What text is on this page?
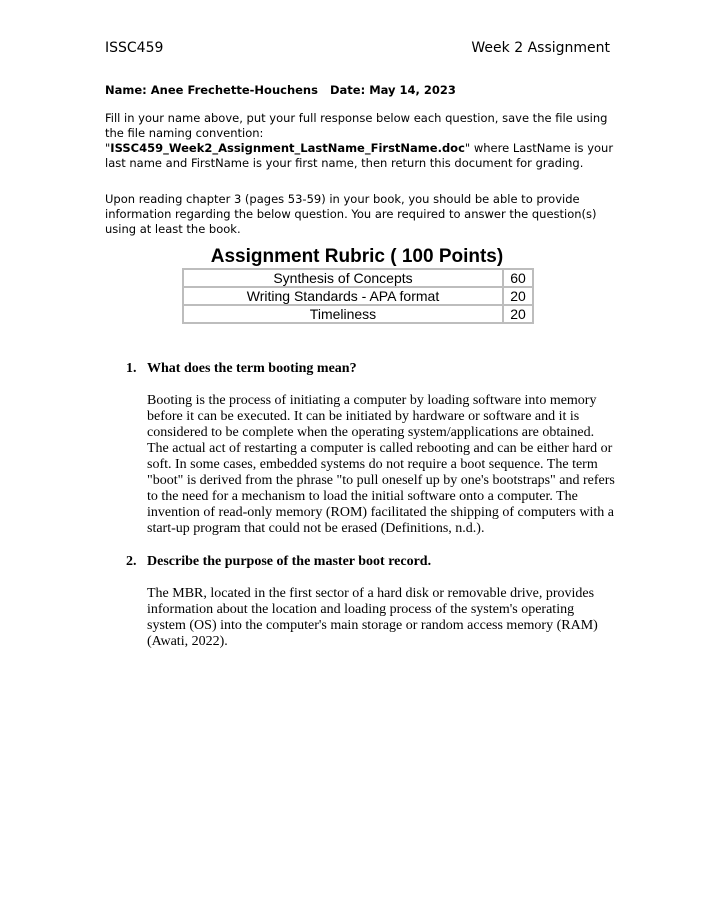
ISSC459	Week 2 Assignment
Name: Anee Frechette-Houchens Date: May 14, 2023
Fill in your name above, put your full response below each question, save the file using the file naming convention: "ISSC459_Week2_Assignment_LastName_FirstName.doc" where LastName is your last name and FirstName is your first name, then return this document for grading.
Upon reading chapter 3 (pages 53-59) in your book, you should be able to provide information regarding the below question. You are required to answer the question(s) using at least the book.
Assignment Rubric ( 100 Points)
Synthesis of Concepts	60
Writing Standards - APA format	20
Timeliness	20
1. What does the term booting mean?
Booting is the process of initiating a computer by loading software into memory before it can be executed. It can be initiated by hardware or software and it is considered to be complete when the operating system/applications are obtained. The actual act of restarting a computer is called rebooting and can be either hard or soft. In some cases, embedded systems do not require a boot sequence. The term "boot" is derived from the phrase "to pull oneself up by one's bootstraps" and refers to the need for a mechanism to load the initial software onto a computer. The invention of read-only memory (ROM) facilitated the shipping of computers with a start-up program that could not be erased (Definitions, n.d.).
2. Describe the purpose of the master boot record.
The MBR, located in the first sector of a hard disk or removable drive, provides information about the location and loading process of the system's operating system (OS) into the computer's main storage or random access memory (RAM) (Awati, 2022).
